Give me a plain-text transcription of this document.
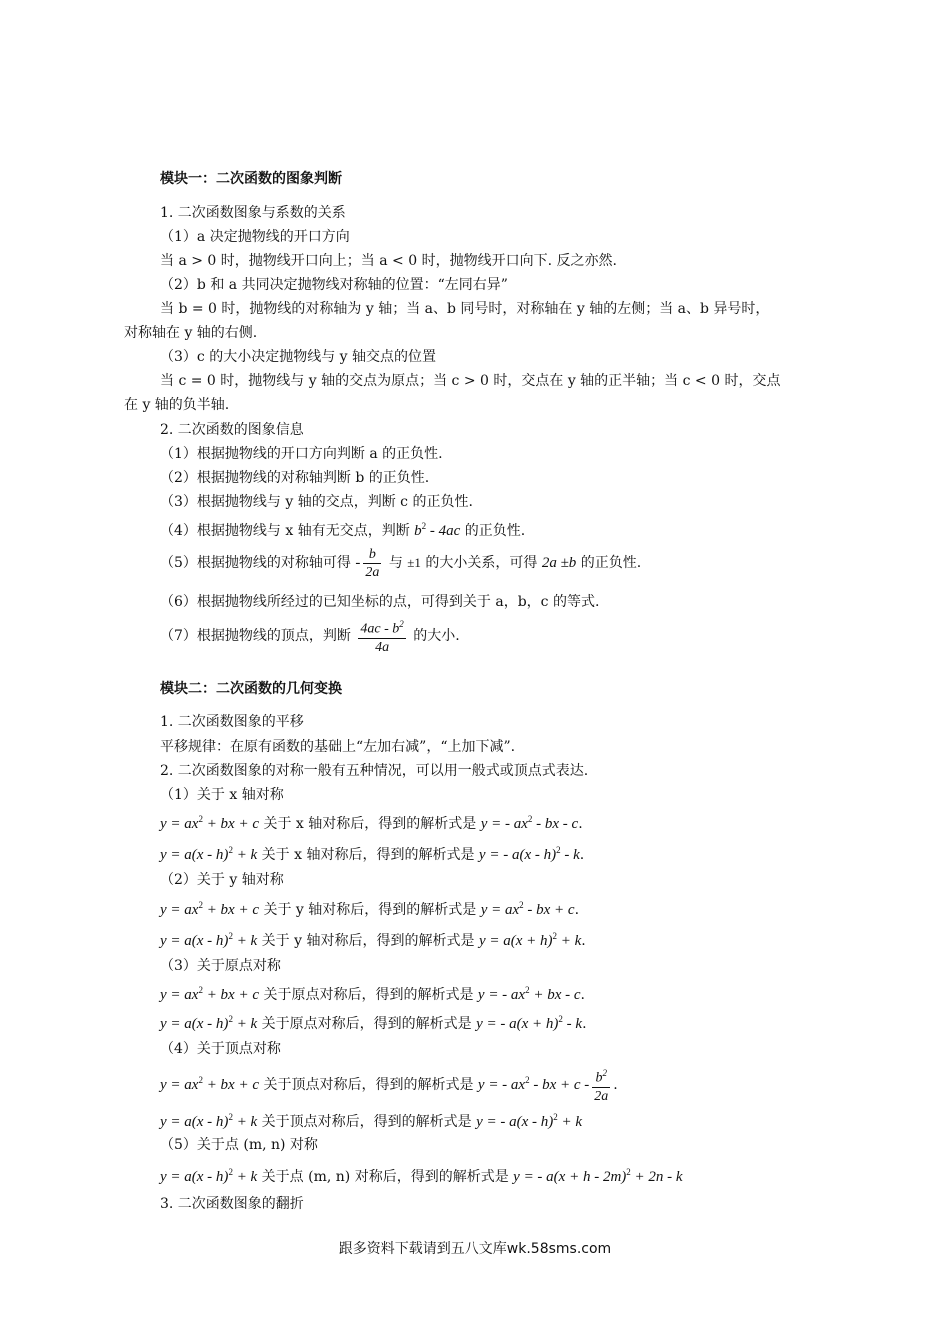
模块一：二次函数的图象判断
1. 二次函数图象与系数的关系
（1）a 决定抛物线的开口方向
当 a > 0 时，抛物线开口向上；当 a < 0 时，抛物线开口向下. 反之亦然.
（2）b 和 a 共同决定抛物线对称轴的位置：“左同右异”
当 b = 0 时，抛物线的对称轴为 y 轴；当 a、b 同号时，对称轴在 y 轴的左侧；当 a、b 异号时，
对称轴在 y 轴的右侧.
（3）c 的大小决定抛物线与 y 轴交点的位置
当 c = 0 时，抛物线与 y 轴的交点为原点；当 c > 0 时，交点在 y 轴的正半轴；当 c < 0 时，交点
在 y 轴的负半轴.
2. 二次函数的图象信息
（1）根据抛物线的开口方向判断 a 的正负性.
（2）根据抛物线的对称轴判断 b 的正负性.
（3）根据抛物线与 y 轴的交点，判断 c 的正负性.
（4）根据抛物线与 x 轴有无交点，判断 $b^2 - 4ac$ 的正负性.
（5）根据抛物线的对称轴可得 - $\frac{b}{2a}$ 与 ±1 的大小关系，可得 2a ±b 的正负性.
（6）根据抛物线所经过的已知坐标的点，可得到关于 a，b，c 的等式.
（7）根据抛物线的顶点，判断 $\frac{4ac - b^2}{4a}$ 的大小.
模块二：二次函数的几何变换
1. 二次函数图象的平移
平移规律：在原有函数的基础上“左加右减”，“上加下减”.
2. 二次函数图象的对称一般有五种情况，可以用一般式或顶点式表达.
（1）关于 x 轴对称
$y = ax^2$ + bx + c 关于 x 轴对称后，得到的解析式是 y = - $ax^2$ - bx - c.
y = a(x - h)$^2$ + k 关于 x 轴对称后，得到的解析式是 y = - a(x - h)$^2$ - k.
（2）关于 y 轴对称
$y = ax^2$ + bx + c 关于 y 轴对称后，得到的解析式是 $y = ax^2$ - bx + c.
y = a(x - h)$^2$ + k 关于 y 轴对称后，得到的解析式是 $y = a(x + h)^2 + k$.
（3）关于原点对称
$y = ax^2$ + bx + c 关于原点对称后，得到的解析式是 y = - $ax^2$ + bx - c.
y = a(x - h)$^2$ + k 关于原点对称后，得到的解析式是 y = - $a(x + h)^2 - k$.
（4）关于顶点对称
$y = ax^2$ + bx + c 关于顶点对称后，得到的解析式是 y = - $ax^2$ - bx + c - $\frac{b^2}{2a}$ .
y = a(x - h)$^2$ + k 关于顶点对称后，得到的解析式是 y = - a(x - h)$^2$ + k
（5）关于点 (m, n) 对称
y = a(x - h)$^2$ + k 关于点 (m, n) 对称后，得到的解析式是 y = - $a(x + h - 2m)^2 + 2n - k$
3. 二次函数图象的翻折
跟多资料下载请到五八文库wk.58sms.com
